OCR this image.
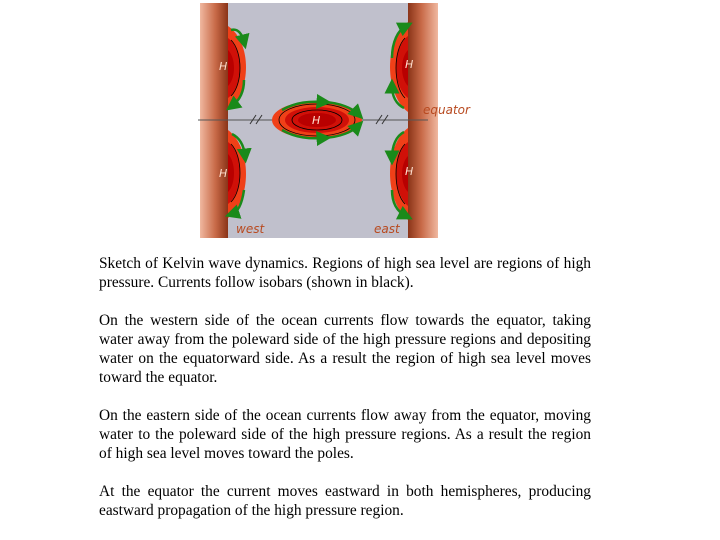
H
H
H
H
H
equator
west	east

Sketch of Kelvin wave dynamics. Regions of high sea level are regions of high pressure. Currents follow isobars (shown in black).

On the western side of the ocean currents flow towards the equator, taking water away from the poleward side of the high pressure regions and depositing water on the equatorward side. As a result the region of high sea level moves toward the equator.

On the eastern side of the ocean currents flow away from the equator, moving water to the poleward side of the high pressure regions. As a result the region of high sea level moves toward the poles.

At the equator the current moves eastward in both hemispheres, producing eastward propagation of the high pressure region.
